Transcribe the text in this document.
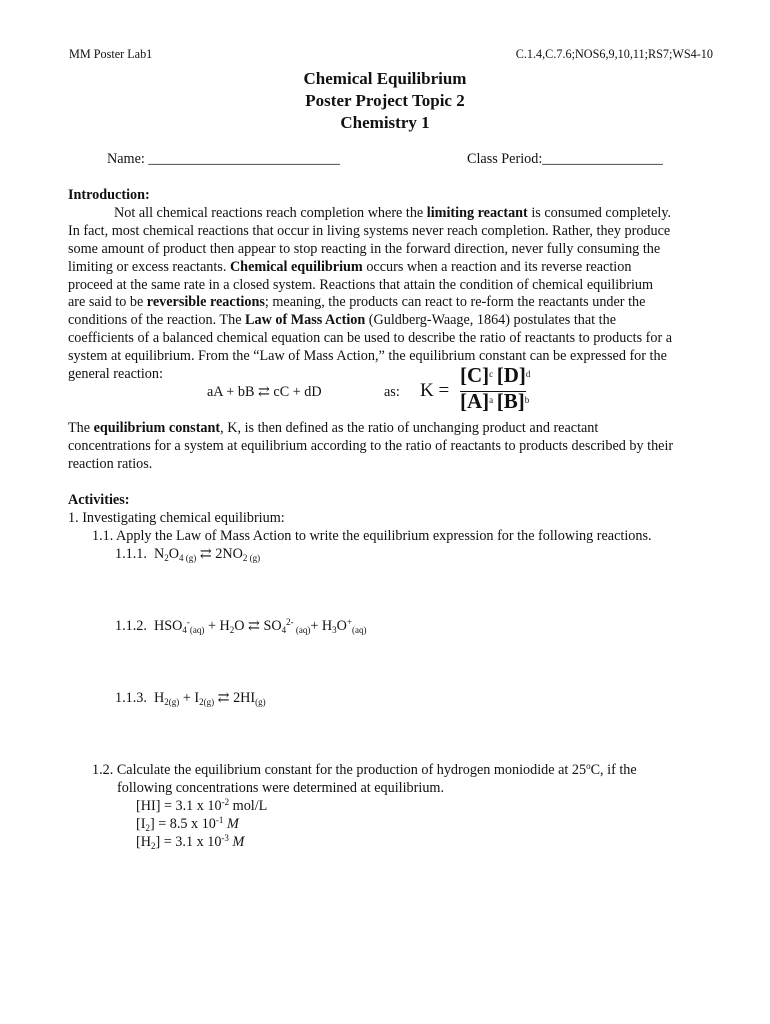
MM Poster Lab1	C.1.4,C.7.6;NOS6,9,10,11;RS7;WS4-10
Chemical Equilibrium
Poster Project Topic 2
Chemistry 1
Name: ___________________________	Class Period:_________________

Introduction:

Not all chemical reactions reach completion where the limiting reactant is consumed completely.

In fact, most chemical reactions that occur in living systems never reach completion. Rather, they produce

some amount of product then appear to stop reacting in the forward direction, never fully consuming the

limiting or excess reactants. Chemical equilibrium occurs when a reaction and its reverse reaction

proceed at the same rate in a closed system. Reactions that attain the condition of chemical equilibrium

are said to be reversible reactions; meaning, the products can react to re-form the reactants under the

conditions of the reaction. The Law of Mass Action (Guldberg-Waage, 1864) postulates that the

coefficients of a balanced chemical equation can be used to describe the ratio of reactants to products for a

system at equilibrium. From the “Law of Mass Action,” the equilibrium constant can be expressed for the

general reaction:

aA + bB ⇄ cC + dD	as: $K = \frac{[C]^c [D]^d}{[A]^a [B]^b}$

The equilibrium constant, K, is then defined as the ratio of unchanging product and reactant

concentrations for a system at equilibrium according to the ratio of reactants to products described by their

reaction ratios.

Activities:

1. Investigating chemical equilibrium:

1.1. Apply the Law of Mass Action to write the equilibrium expression for the following reactions.

1.1.1.  $N_2O_{4 (g)}$ ⇄ $2NO_{2 (g)}$
1.1.2.  $HSO_4^-_{(aq)} + H_2O$ ⇄ $SO_4^{2-}$ $_{(aq)}+ H_3O^+_{(aq)}$
1.1.3.  $H_{2(g)} + I_{2(g)}$ ⇄ $2HI_{(g)}$

1.2. Calculate the equilibrium constant for the production of hydrogen moniodide at 25$^o$C, if the

following concentrations were determined at equilibrium.

[HI] = 3.1 x $10^{-2}$ mol/L

$[I_2] = 8.5$ x $10^{-1}$ M

$[H_2] = 3.1$ x $10^{-3}$ M
